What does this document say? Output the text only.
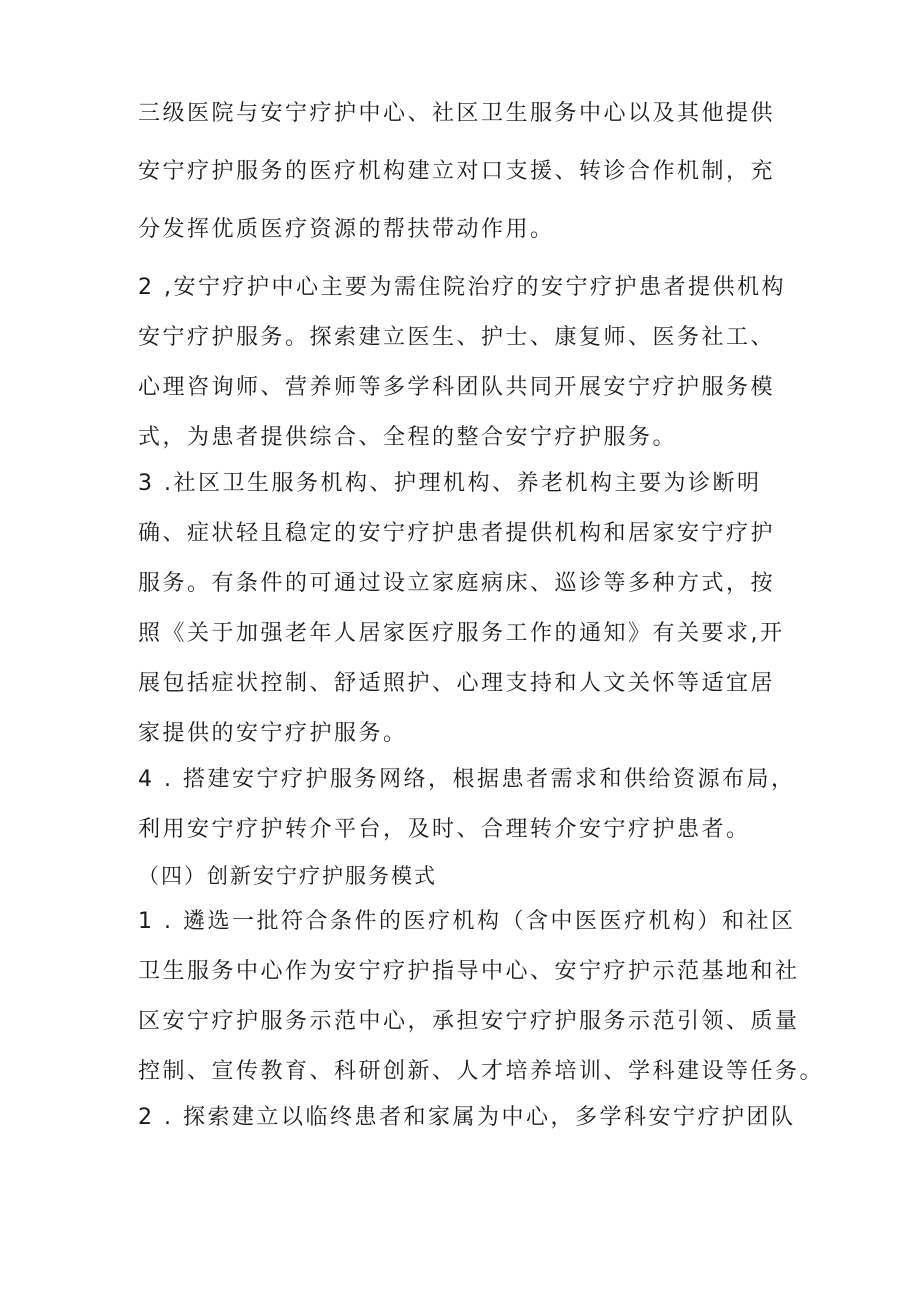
三级医院与安宁疗护中心、社区卫生服务中心以及其他提供
安宁疗护服务的医疗机构建立对口支援、转诊合作机制，充
分发挥优质医疗资源的帮扶带动作用。
2 ,安宁疗护中心主要为需住院治疗的安宁疗护患者提供机构
安宁疗护服务。探索建立医生、护士、康复师、医务社工、
心理咨询师、营养师等多学科团队共同开展安宁疗护服务模
式，为患者提供综合、全程的整合安宁疗护服务。
3 .社区卫生服务机构、护理机构、养老机构主要为诊断明
确、症状轻且稳定的安宁疗护患者提供机构和居家安宁疗护
服务。有条件的可通过设立家庭病床、巡诊等多种方式，按
照《关于加强老年人居家医疗服务工作的通知》有关要求,开
展包括症状控制、舒适照护、心理支持和人文关怀等适宜居
家提供的安宁疗护服务。
4 . 搭建安宁疗护服务网络，根据患者需求和供给资源布局，
利用安宁疗护转介平台，及时、合理转介安宁疗护患者。
（四）创新安宁疗护服务模式
1 . 遴选一批符合条件的医疗机构（含中医医疗机构）和社区
卫生服务中心作为安宁疗护指导中心、安宁疗护示范基地和社
区安宁疗护服务示范中心，承担安宁疗护服务示范引领、质量
控制、宣传教育、科研创新、人才培养培训、学科建设等任务。
2 . 探索建立以临终患者和家属为中心，多学科安宁疗护团队
